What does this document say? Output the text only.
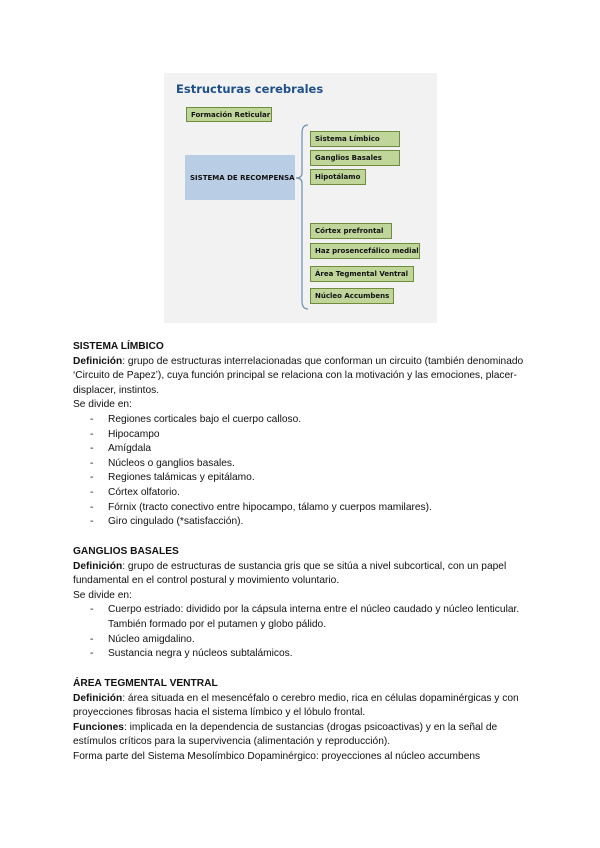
Estructuras cerebrales
Formación Reticular
SISTEMA DE RECOMPENSA
Sistema Límbico
Ganglios Basales
Hipotálamo
Córtex prefrontal
Haz prosencefálico medial
Área Tegmental Ventral
Núcleo Accumbens

SISTEMA LÍMBICO

Definición: grupo de estructuras interrelacionadas que conforman un circuito (también denominado ‘Circuito de Papez’), cuya función principal se relaciona con la motivación y las emociones, placer-displacer, instintos.

Se divide en:

- Regiones corticales bajo el cuerpo calloso.
- Hipocampo
- Amígdala
- Núcleos o ganglios basales.
- Regiones talámicas y epitálamo.
- Córtex olfatorio.
- Fórnix (tracto conectivo entre hipocampo, tálamo y cuerpos mamilares).
- Giro cingulado (*satisfacción).

GANGLIOS BASALES

Definición: grupo de estructuras de sustancia gris que se sitúa a nivel subcortical, con un papel fundamental en el control postural y movimiento voluntario.

Se divide en:

- Cuerpo estriado: dividido por la cápsula interna entre el núcleo caudado y núcleo lenticular. También formado por el putamen y globo pálido.
- Núcleo amigdalino.
- Sustancia negra y núcleos subtalámicos.

ÁREA TEGMENTAL VENTRAL

Definición: área situada en el mesencéfalo o cerebro medio, rica en células dopaminérgicas y con proyecciones fibrosas hacia el sistema límbico y el lóbulo frontal.

Funciones: implicada en la dependencia de sustancias (drogas psicoactivas) y en la señal de estímulos críticos para la supervivencia (alimentación y reproducción).

Forma parte del Sistema Mesolímbico Dopaminérgico: proyecciones al núcleo accumbens
